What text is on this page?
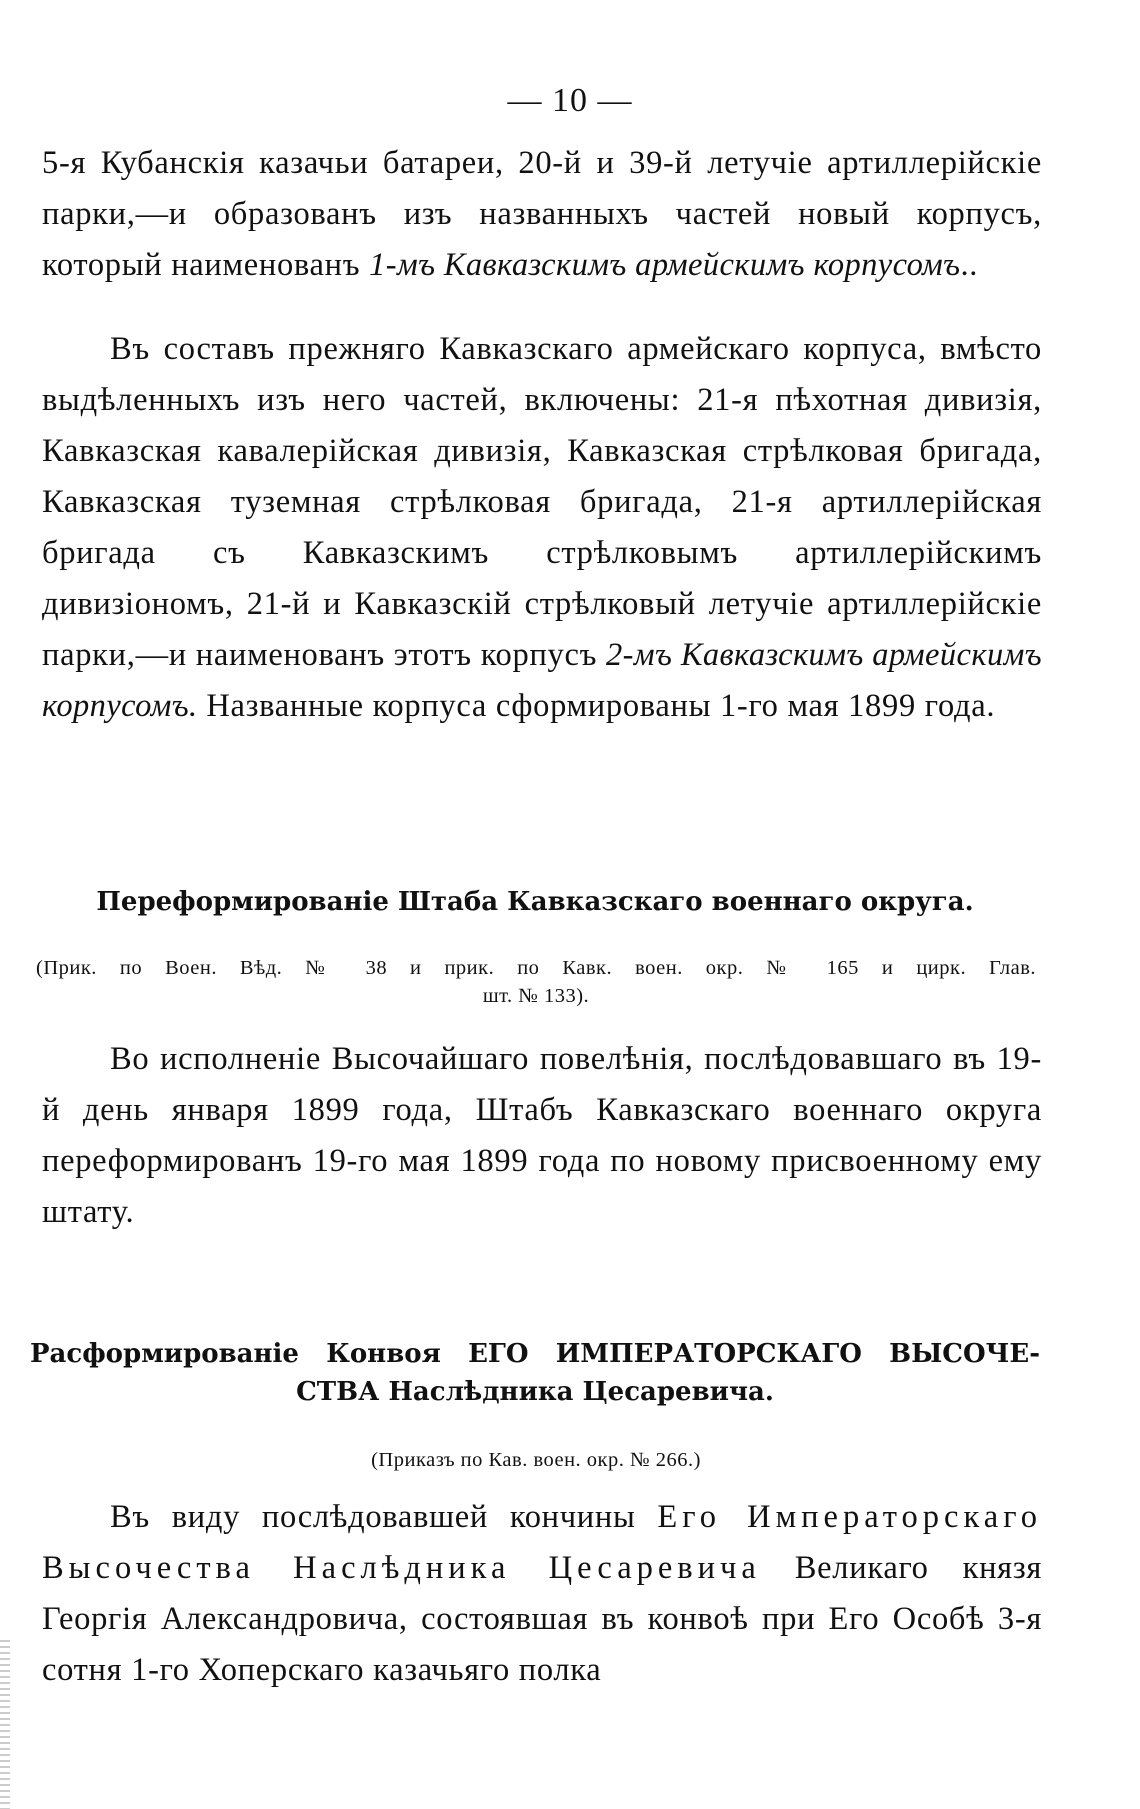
— 10 —

5-я Кубанскія казачьи батареи, 20-й и 39-й летучіе артиллерійскіе парки,—и образованъ изъ названныхъ частей новый корпусъ, который наименованъ 1-мъ Кавказскимъ армейскимъ корпусомъ..

Въ составъ прежняго Кавказскаго армейскаго корпуса, вмѣсто выдѣленныхъ изъ него частей, включены: 21-я пѣхотная дивизія, Кавказская кавалерійская дивизія, Кавказская стрѣлковая бригада, Кавказская туземная стрѣлковая бригада, 21-я артиллерійская бригада съ Кавказскимъ стрѣлковымъ артиллерійскимъ дивизіономъ, 21-й и Кавказскій стрѣлковый летучіе артиллерійскіе парки,—и наименованъ этотъ корпусъ 2-мъ Кавказскимъ армейскимъ корпусомъ. Названные корпуса сформированы 1-го мая 1899 года.

Переформированіе Штаба Кавказскаго военнаго округа.

(Прик. по Воен. Вѣд. № 38 и прик. по Кавк. воен. окр. № 165 и цирк. Глав.

шт. № 133).

Во исполненіе Высочайшаго повелѣнія, послѣдовавшаго въ 19-й день января 1899 года, Штабъ Кавказскаго военнаго округа переформированъ 19-го мая 1899 года по новому присвоенному ему штату.

Расформированіе Конвоя ЕГО ИМПЕРАТОРСКАГО ВЫСОЧЕ-
СТВА Наслѣдника Цесаревича.

(Приказъ по Кав. воен. окр. № 266.)

Въ виду послѣдовавшей кончины Его Императорскаго Высочества Наслѣдника Цесаревича Великаго князя Георгія Александровича, состоявшая въ конвоѣ при Его Особѣ 3-я сотня 1-го Хоперскаго казачьяго полка
